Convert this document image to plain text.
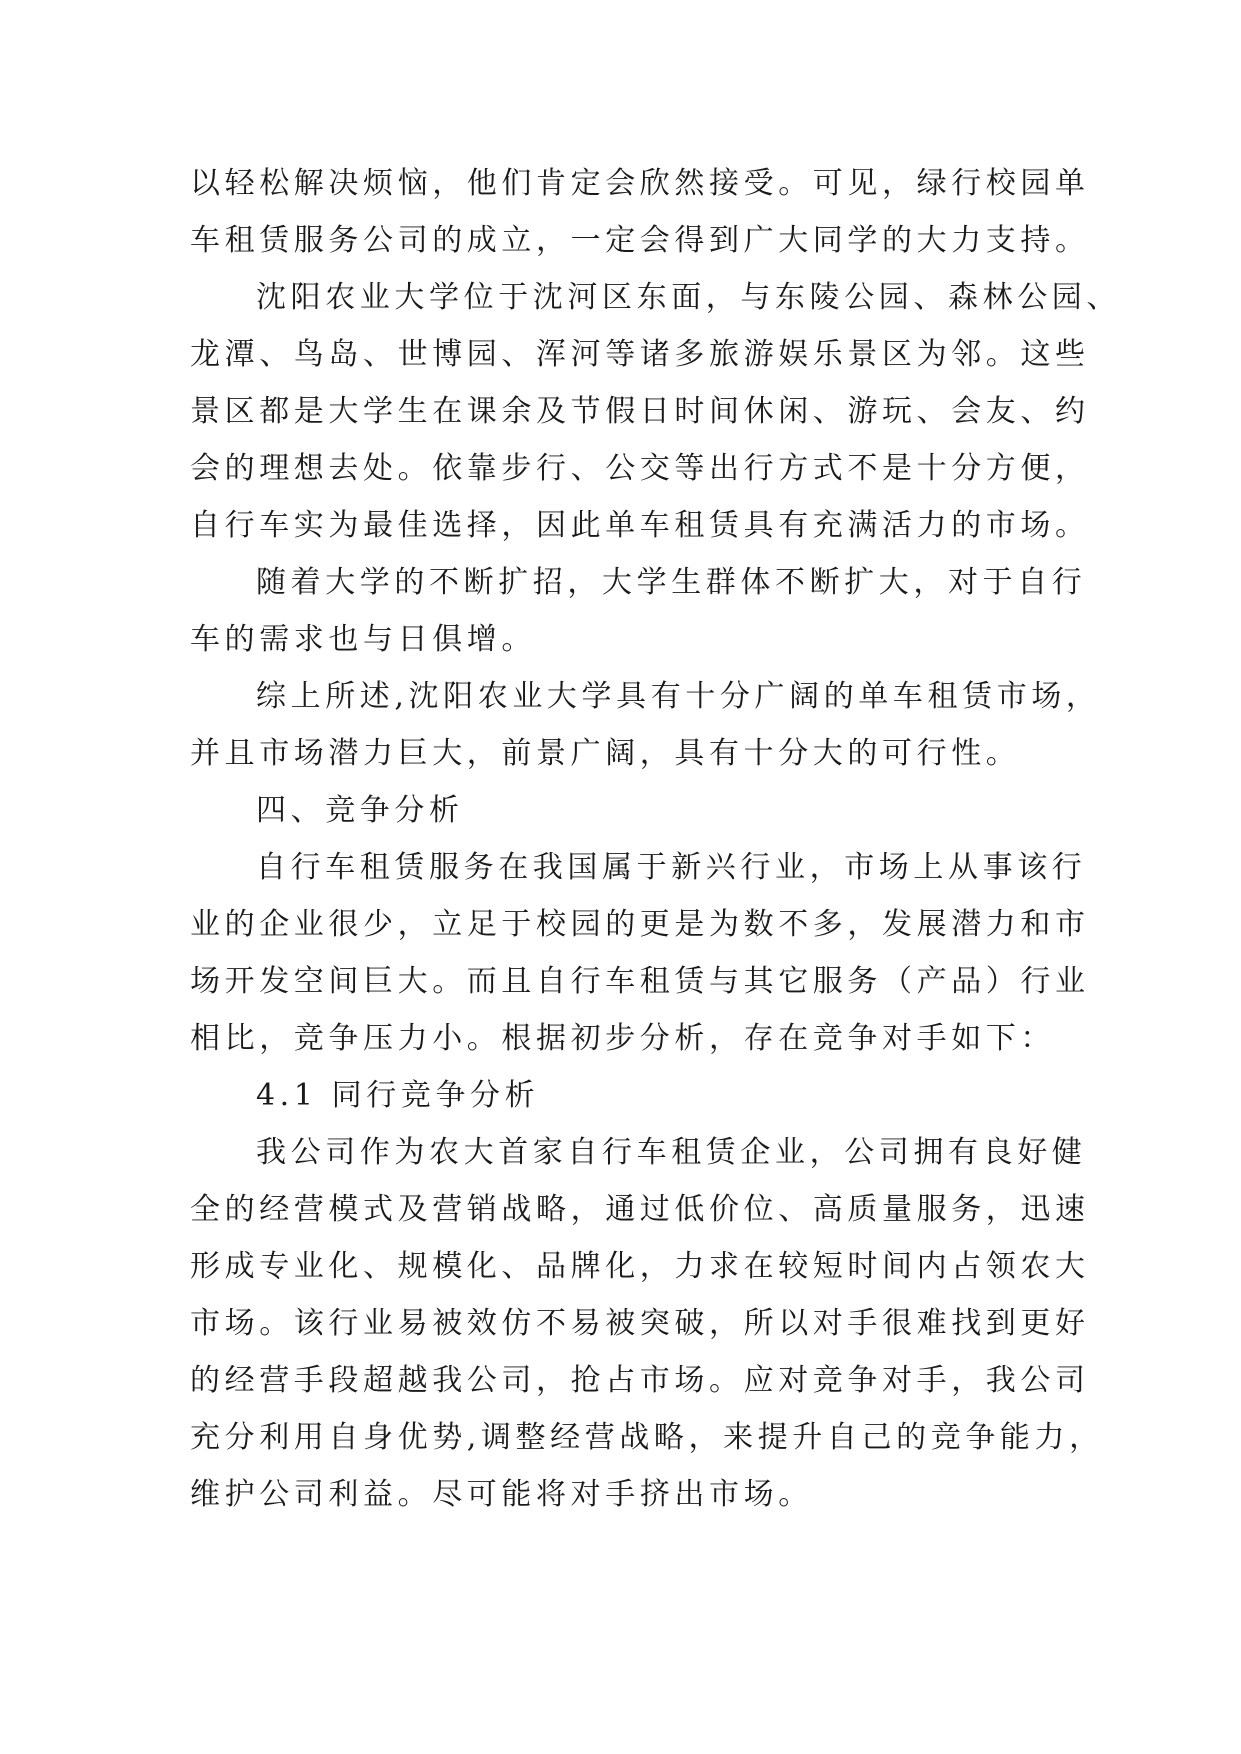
以轻松解决烦恼，他们肯定会欣然接受。可见，绿行校园单
车租赁服务公司的成立，一定会得到广大同学的大力支持。
沈阳农业大学位于沈河区东面，与东陵公园、森林公园、
龙潭、鸟岛、世博园、浑河等诸多旅游娱乐景区为邻。这些
景区都是大学生在课余及节假日时间休闲、游玩、会友、约
会的理想去处。依靠步行、公交等出行方式不是十分方便，
自行车实为最佳选择，因此单车租赁具有充满活力的市场。
随着大学的不断扩招，大学生群体不断扩大，对于自行
车的需求也与日俱增。
综上所述,沈阳农业大学具有十分广阔的单车租赁市场，
并且市场潜力巨大，前景广阔，具有十分大的可行性。
四、竞争分析
自行车租赁服务在我国属于新兴行业，市场上从事该行
业的企业很少，立足于校园的更是为数不多，发展潜力和市
场开发空间巨大。而且自行车租赁与其它服务（产品）行业
相比，竞争压力小。根据初步分析，存在竞争对手如下：
4.1 同行竞争分析
我公司作为农大首家自行车租赁企业，公司拥有良好健
全的经营模式及营销战略，通过低价位、高质量服务，迅速
形成专业化、规模化、品牌化，力求在较短时间内占领农大
市场。该行业易被效仿不易被突破，所以对手很难找到更好
的经营手段超越我公司，抢占市场。应对竞争对手，我公司
充分利用自身优势,调整经营战略，来提升自己的竞争能力，
维护公司利益。尽可能将对手挤出市场。
